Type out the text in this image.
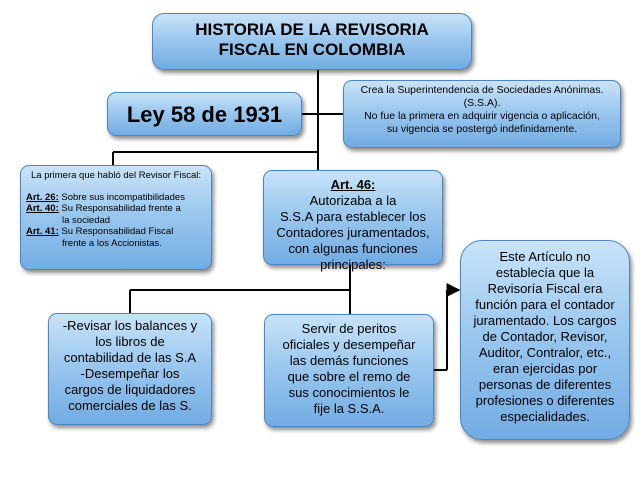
HISTORIA DE LA REVISORIA
FISCAL EN COLOMBIA
Ley 58 de 1931
Crea la Superintendencia de Sociedades Anónimas.
(S.S.A).
No fue la primera en adquirir vigencia o aplicación,
su vigencia se postergó indefinidamente.
La primera que habló del Revisor Fiscal:
Art. 26: Sobre sus incompatibilidades
Art. 40: Su Responsabilidad frente a
la sociedad
Art. 41: Su Responsabilidad Fiscal
frente a los Accionistas.
Art. 46:
Autorizaba a la
S.S.A para establecer los
Contadores juramentados,
con algunas funciones
principales:
-Revisar los balances y
los libros de
contabilidad de las S.A
-Desempeñar los
cargos de liquidadores
comerciales de las S.
Servir de peritos
oficiales y desempeñar
las demás funciones
que sobre el remo de
sus conocimientos le
fije la S.S.A.
Este Artículo no
establecía que la
Revisoría Fiscal era
función para el contador
juramentado. Los cargos
de Contador, Revisor,
Auditor, Contralor, etc.,
eran ejercidas por
personas de diferentes
profesiones o diferentes
especialidades.
